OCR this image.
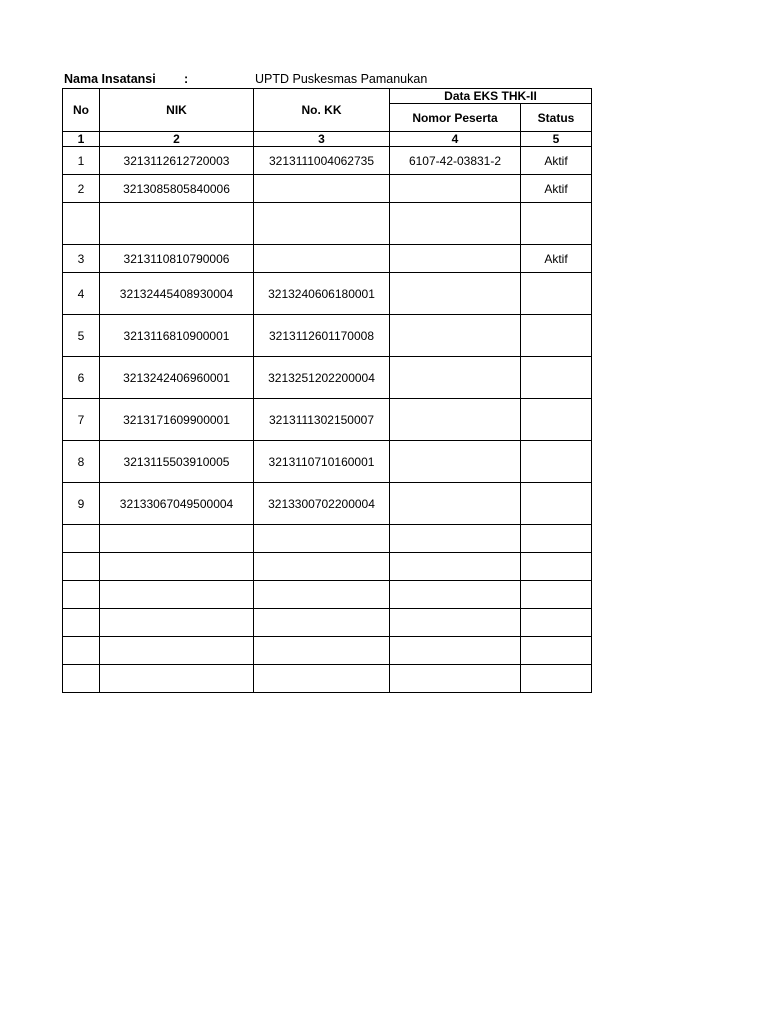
Nama Insatansi :	UPTD Puskesmas Pamanukan
No	NIK	No. KK	Data EKS THK-II	
			Nomor Peserta	Status
1	2	3	4	5
1	3213112612720003	3213111004062735	6107-42-03831-2	Aktif
2	3213085805840006			Aktif

3	3213110810790006			Aktif
4	32132445408930004	3213240606180001		
5	3213116810900001	3213112601170008		
6	3213242406960001	3213251202200004		
7	3213171609900001	3213111302150007		
8	3213115503910005	3213110710160001		
9	32133067049500004	3213300702200004		
